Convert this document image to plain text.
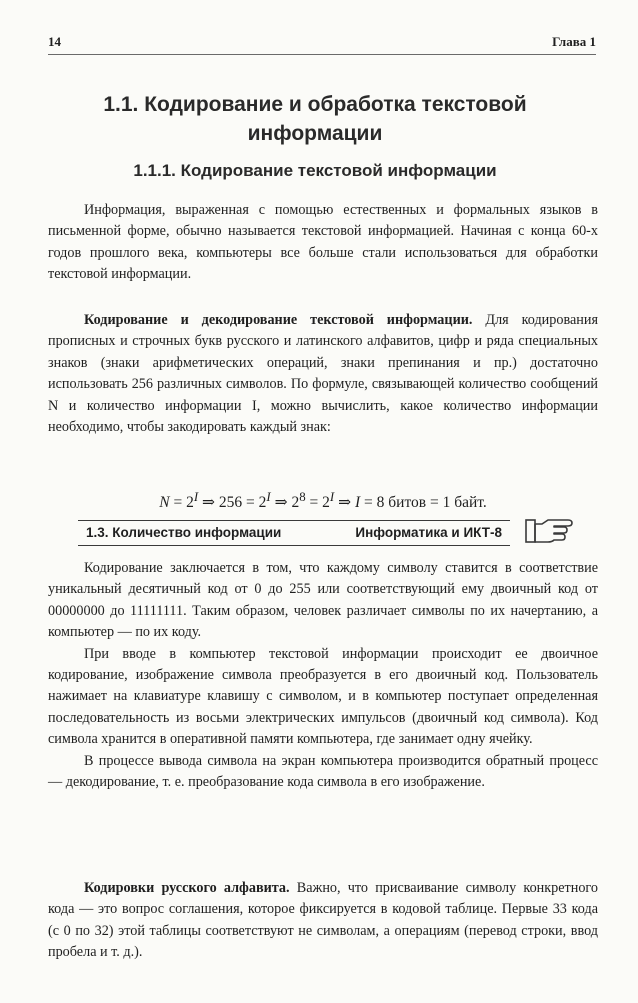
14	Глава 1
1.1. Кодирование и обработка текстовой информации
1.1.1. Кодирование текстовой информации

Информация, выраженная с помощью естественных и формальных языков в письменной форме, обычно называется текстовой информацией. Начиная с конца 60-х годов прошлого века, компьютеры все больше стали использоваться для обработки текстовой информации.

Кодирование и декодирование текстовой информации. Для кодирования прописных и строчных букв русского и латинского алфавитов, цифр и ряда специальных знаков (знаки арифметических операций, знаки препинания и пр.) достаточно использовать 256 различных символов. По формуле, связывающей количество сообщений N и количество информации I, можно вычислить, какое количество информации необходимо, чтобы закодировать каждый знак:

$N = 2^I$ ⇒ $256 = 2^I$ ⇒ $2^8 = 2^I$ ⇒ I = 8 битов = 1 байт.
1.3. Количество информации	Информатика и ИКТ-8

Кодирование заключается в том, что каждому символу ставится в соответствие уникальный десятичный код от 0 до 255 или соответствующий ему двоичный код от 00000000 до 11111111. Таким образом, человек различает символы по их начертанию, а компьютер — по их коду.

При вводе в компьютер текстовой информации происходит ее двоичное кодирование, изображение символа преобразуется в его двоичный код. Пользователь нажимает на клавиатуре клавишу с символом, и в компьютер поступает определенная последовательность из восьми электрических импульсов (двоичный код символа). Код символа хранится в оперативной памяти компьютера, где занимает одну ячейку.

В процессе вывода символа на экран компьютера производится обратный процесс — декодирование, т. е. преобразование кода символа в его изображение.

Кодировки русского алфавита. Важно, что присваивание символу конкретного кода — это вопрос соглашения, которое фиксируется в кодовой таблице. Первые 33 кода (с 0 по 32) этой таблицы соответствуют не символам, а операциям (перевод строки, ввод пробела и т. д.).
